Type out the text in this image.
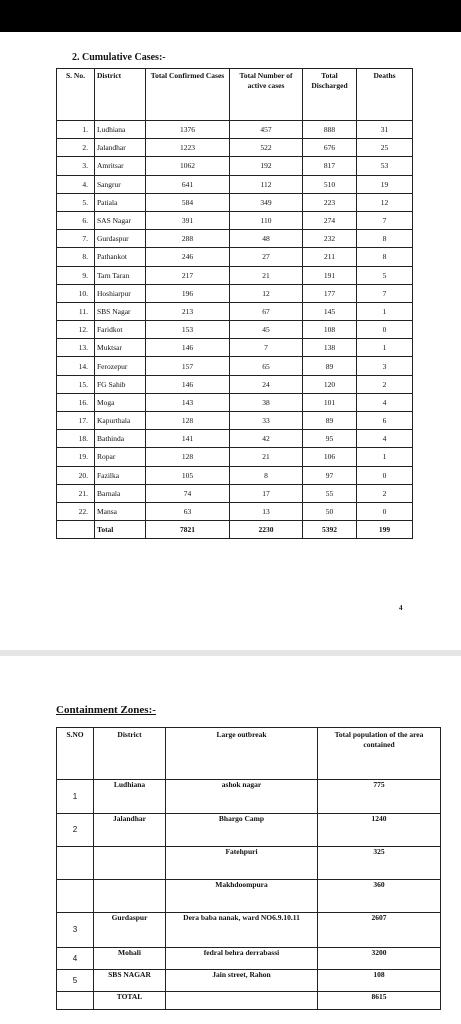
2. Cumulative Cases:-

S. No.	District	Total Confirmed Cases	Total Number of active cases	Total Discharged	Deaths
1.	Ludhiana	1376	457	888	31
2.	Jalandhar	1223	522	676	25
3.	Amritsar	1062	192	817	53
4.	Sangrur	641	112	510	19
5.	Patiala	584	349	223	12
6.	SAS Nagar	391	110	274	7
7.	Gurdaspur	288	48	232	8
8.	Pathankot	246	27	211	8
9.	Tarn Taran	217	21	191	5
10.	Hoshiarpur	196	12	177	7
11.	SBS Nagar	213	67	145	1
12.	Faridkot	153	45	108	0
13.	Muktsar	146	7	138	1
14.	Ferozepur	157	65	89	3
15.	FG Sahib	146	24	120	2
16.	Moga	143	38	101	4
17.	Kapurthala	128	33	89	6
18.	Bathinda	141	42	95	4
19.	Ropar	128	21	106	1
20.	Fazilka	105	8	97	0
21.	Barnala	74	17	55	2
22.	Mansa	63	13	50	0
	Total	7821	2230	5392	199
4

Containment Zones:-

S.NO	District	Large outbreak	Total population of the area contained
1	Ludhiana	ashok nagar	775
2	Jalandhar	Bhargo Camp	1240
		Fatehpuri	325
		Makhdoompura	360
3	Gurdaspur	Dera baba nanak, ward NO6.9.10.11	2607
4	Mohali	fedral behra derrabassi	3200
5	SBS NAGAR	Jain street, Rahon	108
	TOTAL		8615
